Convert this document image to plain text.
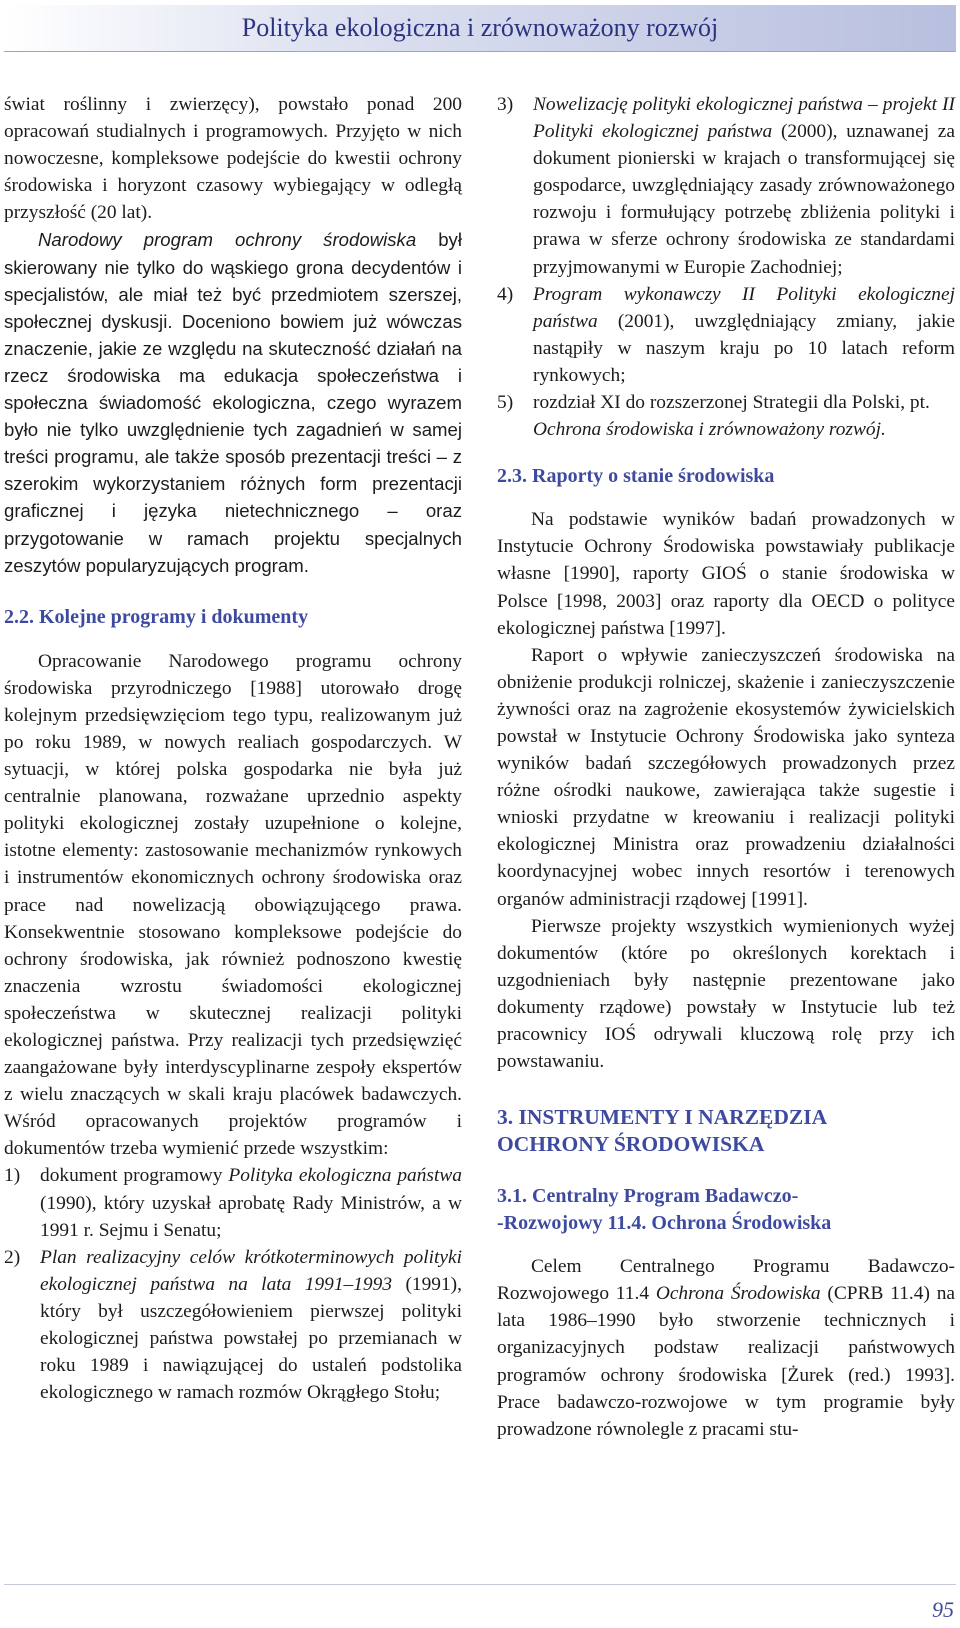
Polityka ekologiczna i zrównoważony rozwój

świat roślinny i zwierzęcy), powstało ponad 200 opracowań studialnych i programowych. Przyjęto w nich nowoczesne, kompleksowe podejście do kwestii ochrony środowiska i horyzont czasowy wybiegający w odległą przyszłość (20 lat).

Narodowy program ochrony środowiska był skierowany nie tylko do wąskiego grona decydentów i specjalistów, ale miał też być przedmiotem szerszej, społecznej dyskusji. Doceniono bowiem już wówczas znaczenie, jakie ze względu na skuteczność działań na rzecz środowiska ma edukacja społeczeństwa i społeczna świadomość ekologiczna, czego wyrazem było nie tylko uwzględnienie tych zagadnień w samej treści programu, ale także sposób prezentacji treści – z szerokim wykorzystaniem różnych form prezentacji graficznej i języka nietechnicznego – oraz przygotowanie w ramach projektu specjalnych zeszytów popularyzujących program.

2.2. Kolejne programy i dokumenty

Opracowanie Narodowego programu ochrony środowiska przyrodniczego [1988] utorowało drogę kolejnym przedsięwzięciom tego typu, realizowanym już po roku 1989, w nowych realiach gospodarczych. W sytuacji, w której polska gospodarka nie była już centralnie planowana, rozważane uprzednio aspekty polityki ekologicznej zostały uzupełnione o kolejne, istotne elementy: zastosowanie mechanizmów rynkowych i instrumentów ekonomicznych ochrony środowiska oraz prace nad nowelizacją obowiązującego prawa. Konsekwentnie stosowano kompleksowe podejście do ochrony środowiska, jak również podnoszono kwestię znaczenia wzrostu świadomości ekologicznej społeczeństwa w skutecznej realizacji polityki ekologicznej państwa. Przy realizacji tych przedsięwzięć zaangażowane były interdyscyplinarne zespoły ekspertów z wielu znaczących w skali kraju placówek badawczych. Wśród opracowanych projektów programów i dokumentów trzeba wymienić przede wszystkim:

1)	dokument programowy Polityka ekologiczna państwa (1990), który uzyskał aprobatę Rady Ministrów, a w 1991 r. Sejmu i Senatu;
2)	Plan realizacyjny celów krótkoterminowych polityki ekologicznej państwa na lata 1991–1993 (1991), który był uszczegółowieniem pierwszej polityki ekologicznej państwa powstałej po przemianach w roku 1989 i nawiązującej do ustaleń podstolika ekologicznego w ramach rozmów Okrągłego Stołu;
3)	Nowelizację polityki ekologicznej państwa – projekt II Polityki ekologicznej państwa (2000), uznawanej za dokument pionierski w krajach o transformującej się gospodarce, uwzględniający zasady zrównoważonego rozwoju i formułujący potrzebę zbliżenia polityki i prawa w sferze ochrony środowiska ze standardami przyjmowanymi w Europie Zachodniej;
4)	Program wykonawczy II Polityki ekologicznej państwa (2001), uwzględniający zmiany, jakie nastąpiły w naszym kraju po 10 latach reform rynkowych;
5)	rozdział XI do rozszerzonej Strategii dla Polski, pt. Ochrona środowiska i zrównoważony rozwój.
2.3. Raporty o stanie środowiska

Na podstawie wyników badań prowadzonych w Instytucie Ochrony Środowiska powstawiały publikacje własne [1990], raporty GIOŚ o stanie środowiska w Polsce [1998, 2003] oraz raporty dla OECD o polityce ekologicznej państwa [1997].

Raport o wpływie zanieczyszczeń środowiska na obniżenie produkcji rolniczej, skażenie i zanieczyszczenie żywności oraz na zagrożenie ekosystemów żywicielskich powstał w Instytucie Ochrony Środowiska jako synteza wyników badań szczegółowych prowadzonych przez różne ośrodki naukowe, zawierająca także sugestie i wnioski przydatne w kreowaniu i realizacji polityki ekologicznej Ministra oraz prowadzeniu działalności koordynacyjnej wobec innych resortów i terenowych organów administracji rządowej [1991].

Pierwsze projekty wszystkich wymienionych wyżej dokumentów (które po określonych korektach i uzgodnieniach były następnie prezentowane jako dokumenty rządowe) powstały w Instytucie lub też pracownicy IOŚ odrywali kluczową rolę przy ich powstawaniu.

3. INSTRUMENTY I NARZĘDZIA
OCHRONY ŚRODOWISKA
3.1. Centralny Program Badawczo-
-Rozwojowy 11.4. Ochrona Środowiska

Celem Centralnego Programu Badawczo-Rozwojowego 11.4 Ochrona Środowiska (CPRB 11.4) na lata 1986–1990 było stworzenie technicznych i organizacyjnych podstaw realizacji państwowych programów ochrony środowiska [Żurek (red.) 1993]. Prace badawczo-rozwojowe w tym programie były prowadzone równolegle z pracami stu-

95
